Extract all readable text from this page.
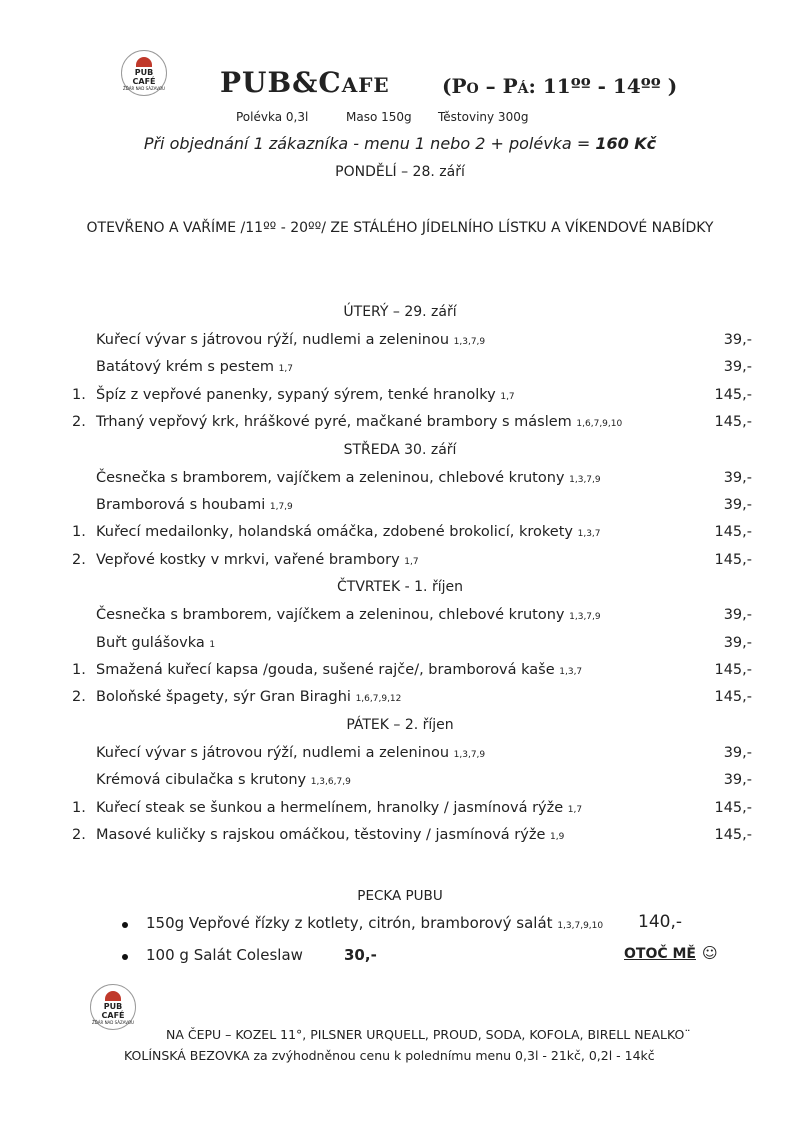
PUB CAFÉ
ŽĎÁR NAD SÁZAVOU PUB&Cafe	(Po – Pá: 11ºº - 14ºº )
Polévka 0,3l	Maso 150g Těstoviny 300g
Při objednání 1 zákazníka - menu 1 nebo 2 + polévka = 160 Kč
PONDĚLÍ – 28. září
OTEVŘENO A VAŘÍME /11ºº - 20ºº/ ZE STÁLÉHO JÍDELNÍHO LÍSTKU A VÍKENDOVÉ NABÍDKY
ÚTERÝ – 29. září
Kuřecí vývar s játrovou rýží, nudlemi a zeleninou 1,3,7,9	39,-
Batátový krém s pestem 1,7	39,-
1. Špíz z vepřové panenky, sypaný sýrem, tenké hranolky 1,7	145,-
2. Trhaný vepřový krk, hráškové pyré, mačkané brambory s máslem 1,6,7,9,10	145,-
STŘEDA 30. září
Česnečka s bramborem, vajíčkem a zeleninou, chlebové krutony 1,3,7,9	39,-
Bramborová s houbami 1,7,9	39,-
1. Kuřecí medailonky, holandská omáčka, zdobené brokolicí, krokety 1,3,7	145,-
2. Vepřové kostky v mrkvi, vařené brambory 1,7	145,-
ČTVRTEK - 1. říjen
Česnečka s bramborem, vajíčkem a zeleninou, chlebové krutony 1,3,7,9	39,-
Buřt gulášovka 1	39,-
1. Smažená kuřecí kapsa /gouda, sušené rajče/, bramborová kaše 1,3,7	145,-
2. Boloňské špagety, sýr Gran Biraghi 1,6,7,9,12	145,-
PÁTEK – 2. říjen
Kuřecí vývar s játrovou rýží, nudlemi a zeleninou 1,3,7,9	39,-
Krémová cibulačka s krutony 1,3,6,7,9	39,-
1. Kuřecí steak se šunkou a hermelínem, hranolky / jasmínová rýže 1,7	145,-
2. Masové kuličky s rajskou omáčkou, těstoviny / jasmínová rýže 1,9	145,-
PECKA PUBU
150g Vepřové řízky z kotlety, citrón, bramborový salát 1,3,7,9,10 140,-
100 g Salát Coleslaw	30,-	OTOČ MĚ ☺
PUB CAFÉ
ŽĎÁR NAD SÁZAVOU
NA ČEPU – KOZEL 11°, PILSNER URQUELL, PROUD, SODA, KOFOLA, BIRELL NEALKO¨
KOLÍNSKÁ BEZOVKA za zvýhodněnou cenu k polednímu menu 0,3l - 21kč, 0,2l - 14kč
